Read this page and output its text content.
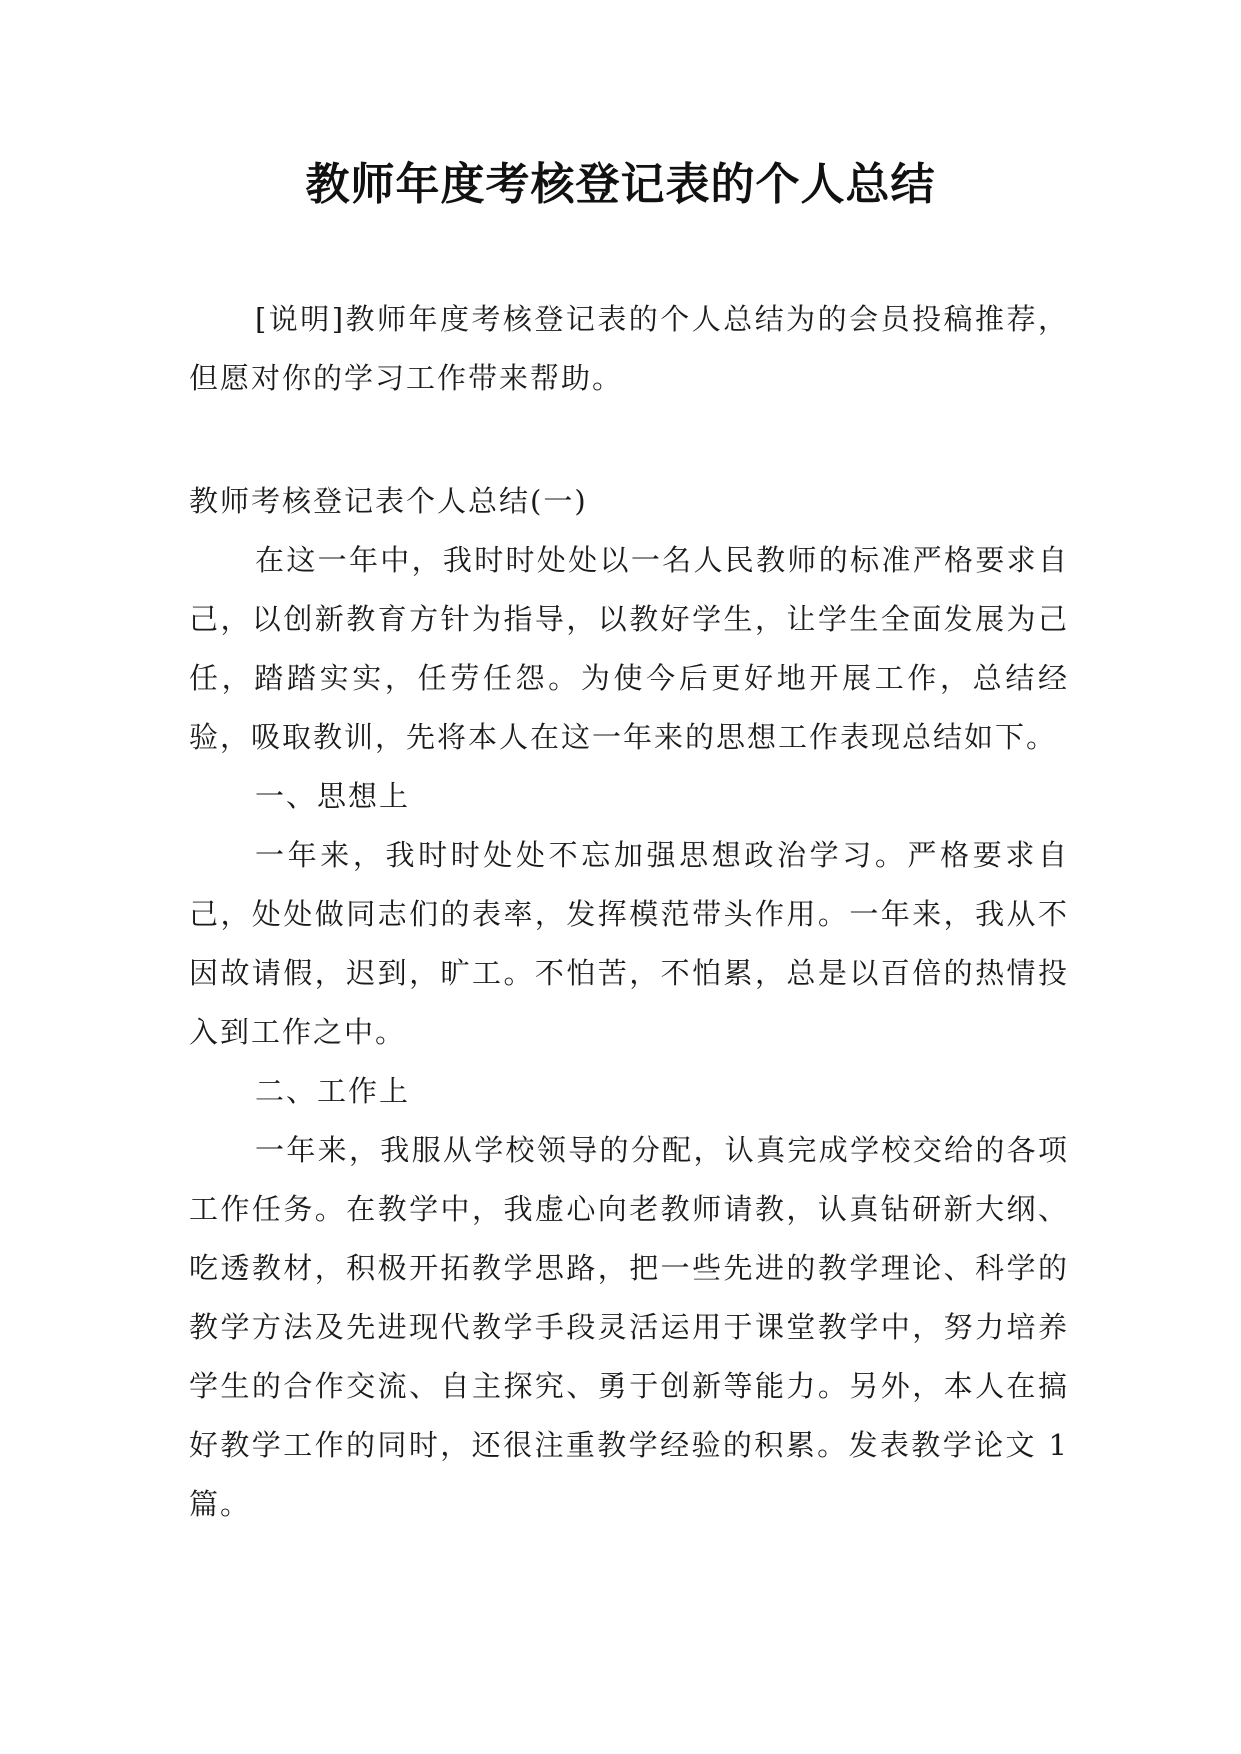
教师年度考核登记表的个人总结

[说明]教师年度考核登记表的个人总结为的会员投稿推荐，但愿对你的学习工作带来帮助。

教师考核登记表个人总结(一)

在这一年中，我时时处处以一名人民教师的标准严格要求自己，以创新教育方针为指导，以教好学生，让学生全面发展为己任，踏踏实实，任劳任怨。为使今后更好地开展工作，总结经验，吸取教训，先将本人在这一年来的思想工作表现总结如下。

一、思想上

一年来，我时时处处不忘加强思想政治学习。严格要求自己，处处做同志们的表率，发挥模范带头作用。一年来，我从不因故请假，迟到，旷工。不怕苦，不怕累，总是以百倍的热情投入到工作之中。

二、工作上

一年来，我服从学校领导的分配，认真完成学校交给的各项工作任务。在教学中，我虚心向老教师请教，认真钻研新大纲、吃透教材，积极开拓教学思路，把一些先进的教学理论、科学的教学方法及先进现代教学手段灵活运用于课堂教学中，努力培养学生的合作交流、自主探究、勇于创新等能力。另外，本人在搞好教学工作的同时，还很注重教学经验的积累。发表教学论文 1 篇。
